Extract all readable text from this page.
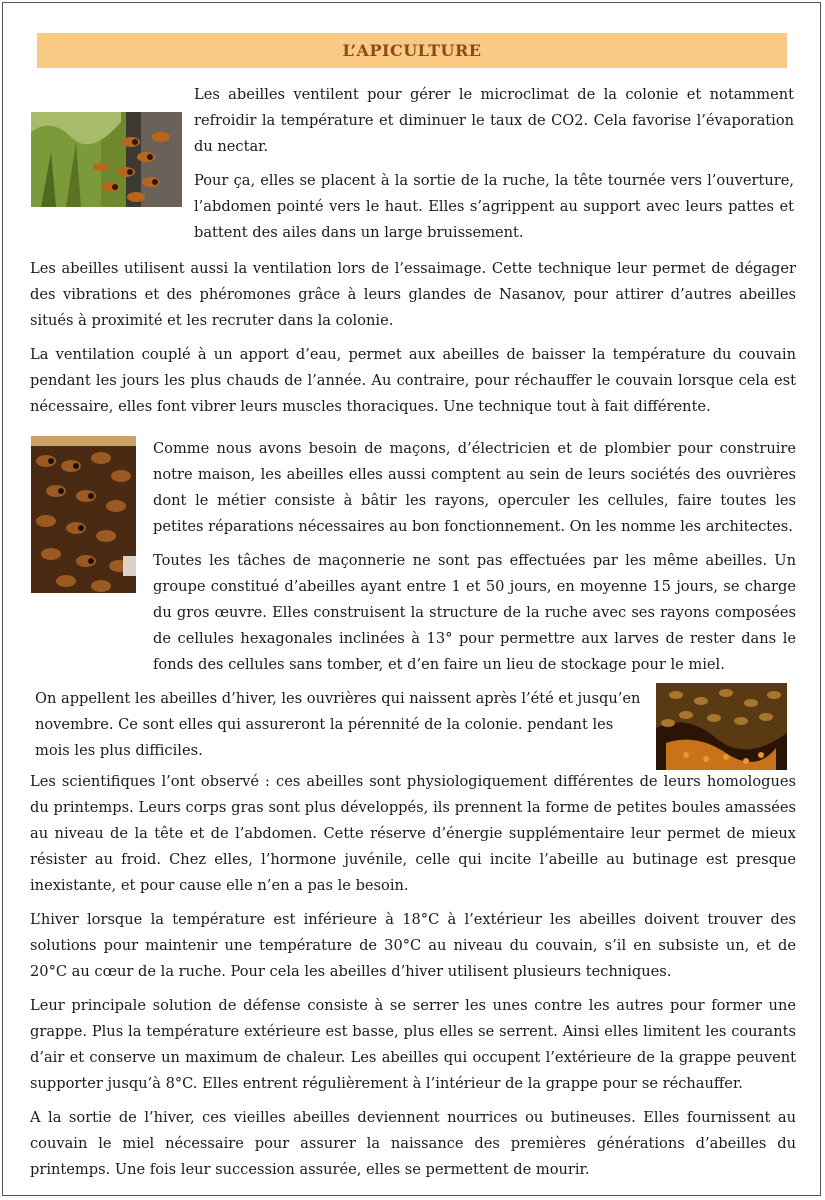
L’APICULTURE

Les abeilles ventilent pour gérer le microclimat de la colonie et notamment refroidir la température et diminuer le taux de CO2. Cela favorise l’évaporation du nectar.

Pour ça, elles se placent à la sortie de la ruche, la tête tournée vers l’ouverture, l’abdomen pointé vers le haut. Elles s’agrippent au support avec leurs pattes et battent des ailes dans un large bruissement.

Les abeilles utilisent aussi la ventilation lors de l’essaimage. Cette technique leur permet de dégager des vibrations et des phéromones grâce à leurs glandes de Nasanov, pour attirer d’autres abeilles situés à proximité et les recruter dans la colonie.

La ventilation couplé à un apport d’eau, permet aux abeilles de baisser la température du couvain pendant les jours les plus chauds de l’année. Au contraire, pour réchauffer le couvain lorsque cela est nécessaire, elles font vibrer leurs muscles thoraciques. Une technique tout à fait différente.

Comme nous avons besoin de maçons, d’électricien et de plombier pour construire notre maison, les abeilles elles aussi comptent au sein de leurs sociétés des ouvrières dont le métier consiste à bâtir les rayons, operculer les cellules, faire toutes les petites réparations nécessaires au bon fonctionnement. On les nomme les architectes.

Toutes les tâches de maçonnerie ne sont pas effectuées par les même abeilles. Un groupe constitué d’abeilles ayant entre 1 et 50 jours, en moyenne 15 jours, se charge du gros œuvre. Elles construisent la structure de la ruche avec ses rayons composées de cellules hexagonales inclinées à 13° pour permettre aux larves de rester dans le fonds des cellules sans tomber, et d’en faire un lieu de stockage pour le miel.

On appellent les abeilles d’hiver, les ouvrières qui naissent après l’été et jusqu’en novembre. Ce sont elles qui assureront la pérennité de la colonie. pendant les mois les plus difficiles.

Les scientifiques l’ont observé : ces abeilles sont physiologiquement différentes de leurs homologues du printemps. Leurs corps gras sont plus développés, ils prennent la forme de petites boules amassées au niveau de la tête et de l’abdomen. Cette réserve d’énergie supplémentaire leur permet de mieux résister au froid. Chez elles, l’hormone juvénile, celle qui incite l’abeille au butinage est presque inexistante, et pour cause elle n’en a pas le besoin.

L’hiver lorsque la température est inférieure à 18°C à l’extérieur les abeilles doivent trouver des solutions pour maintenir une température de 30°C au niveau du couvain, s’il en subsiste un, et de 20°C au cœur de la ruche. Pour cela les abeilles d’hiver utilisent plusieurs techniques.

Leur principale solution de défense consiste à se serrer les unes contre les autres pour former une grappe. Plus la température extérieure est basse, plus elles se serrent. Ainsi elles limitent les courants d’air et conserve un maximum de chaleur. Les abeilles qui occupent l’extérieure de la grappe peuvent supporter jusqu’à 8°C. Elles entrent régulièrement à l’intérieur de la grappe pour se réchauffer.

A la sortie de l’hiver, ces vieilles abeilles deviennent nourrices ou butineuses. Elles fournissent au couvain le miel nécessaire pour assurer la naissance des premières générations d’abeilles du printemps. Une fois leur succession assurée, elles se permettent de mourir.
